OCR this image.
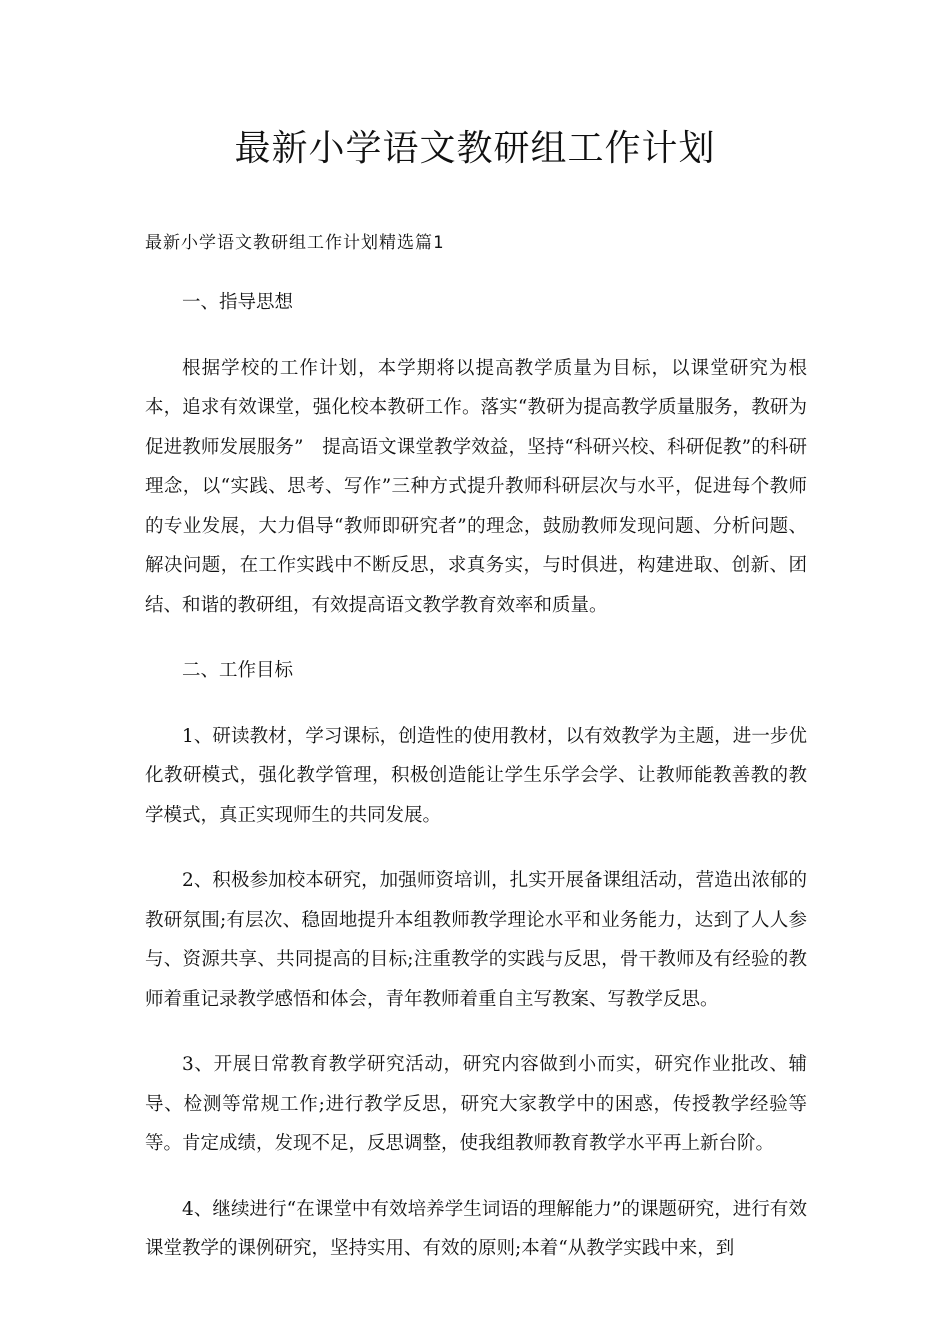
最新小学语文教研组工作计划
最新小学语文教研组工作计划精选篇1

一、指导思想

根据学校的工作计划，本学期将以提高教学质量为目标，以课堂研究为根本，追求有效课堂，强化校本教研工作。落实“教研为提高教学质量服务，教研为促进教师发展服务”　提高语文课堂教学效益，坚持“科研兴校、科研促教”的科研理念，以“实践、思考、写作”三种方式提升教师科研层次与水平，促进每个教师的专业发展，大力倡导“教师即研究者”的理念，鼓励教师发现问题、分析问题、解决问题，在工作实践中不断反思，求真务实，与时俱进，构建进取、创新、团结、和谐的教研组，有效提高语文教学教育效率和质量。

二、工作目标

1、研读教材，学习课标，创造性的使用教材，以有效教学为主题，进一步优化教研模式，强化教学管理，积极创造能让学生乐学会学、让教师能教善教的教学模式，真正实现师生的共同发展。

2、积极参加校本研究，加强师资培训，扎实开展备课组活动，营造出浓郁的教研氛围;有层次、稳固地提升本组教师教学理论水平和业务能力，达到了人人参与、资源共享、共同提高的目标;注重教学的实践与反思，骨干教师及有经验的教师着重记录教学感悟和体会，青年教师着重自主写教案、写教学反思。

3、开展日常教育教学研究活动，研究内容做到小而实，研究作业批改、辅导、检测等常规工作;进行教学反思，研究大家教学中的困惑，传授教学经验等等。肯定成绩，发现不足，反思调整，使我组教师教育教学水平再上新台阶。

4、继续进行“在课堂中有效培养学生词语的理解能力”的课题研究，进行有效课堂教学的课例研究，坚持实用、有效的原则;本着“从教学实践中来，到
